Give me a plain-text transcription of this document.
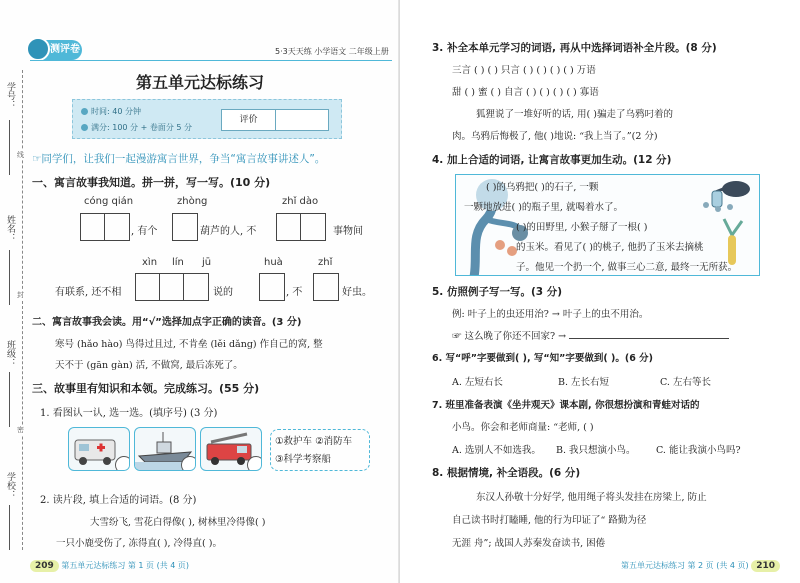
学号：
姓名：
班级：
学校：
线
封
密
测评卷	5·3天天练 小学语文 二年级上册
第五单元达标练习
时间: 40 分钟
满分: 100 分 + 卷面分 5 分
评价
☞同学们，让我们一起漫游寓言世界，争当“寓言故事讲述人”。
一、寓言故事我知道。拼一拼，写一写。(10 分)
cóng qián	zhòng	zhǐ dào
, 有个	葫芦的人, 不	事物间
xìn lín jū	huà	zhǐ
有联系, 还不相	说的	, 不	好虫。
二、寓言故事我会读。用“√”选择加点字正确的读音。(3 分)
寒号 (hǎo hào) 鸟得过且过, 不肯垒 (lěi dǎng) 作自己的窝, 整
天不于 (gān gàn) 活, 不做窝, 最后冻死了。
三、故事里有知识和本领。完成练习。(55 分)
1. 看图认一认, 选一选。(填序号) (3 分)
①救护车 ②消防车
③科学考察船
2. 读片段, 填上合适的词语。(8 分)
大雪纷飞, 雪花白得像( ), 树林里冷得像( )
一只小鹿受伤了, 冻得直( ), 冷得直( )。
209 第五单元达标练习 第 1 页 (共 4 页)
3. 补全本单元学习的词语, 再从中选择词语补全片段。(8 分)
三言 ( ) ( ) 只言 ( ) ( ) ( ) ( ) 万语
甜 ( ) 蜜 ( ) 自言 ( ) ( ) ( ) ( ) 寡语
狐狸说了一堆好听的话, 用( )骗走了乌鸦叼着的
肉。乌鸦后悔极了, 他( )地说: “我上当了。”(2 分)
4. 加上合适的词语, 让寓言故事更加生动。(12 分)
( )的乌鸦把( )的石子, 一颗
一颗地放进( )的瓶子里, 就喝着水了。
( )的田野里, 小猴子掰了一根( )
的玉米。看见了( )的桃子, 他扔了玉米去摘桃
子。他见一个扔一个, 做事三心二意, 最终一无所获。
5. 仿照例子写一写。(3 分)
例: 叶子上的虫还用治? → 叶子上的虫不用治。
☞ 这么晚了你还不回家? →
6. 写“呼”字要做到( ), 写“知”字要做到( )。(6 分)
A. 左短右长	B. 左长右短	C. 左右等长
7. 班里准备表演《坐井观天》课本剧, 你很想扮演和青蛙对话的
小鸟。你会和老师商量: “老师, ( )
A. 选别人不如选我。 B. 我只想演小鸟。 C. 能让我演小鸟吗?
8. 根据情境, 补全语段。(6 分)
东汉人孙敬十分好学, 他用绳子将头发挂在房梁上, 防止
自己读书时打瞌睡, 他的行为印证了“ 路勤为径
无涯 舟”; 战国人苏秦发奋读书, 困倦
第五单元达标练习 第 2 页 (共 4 页) 210
